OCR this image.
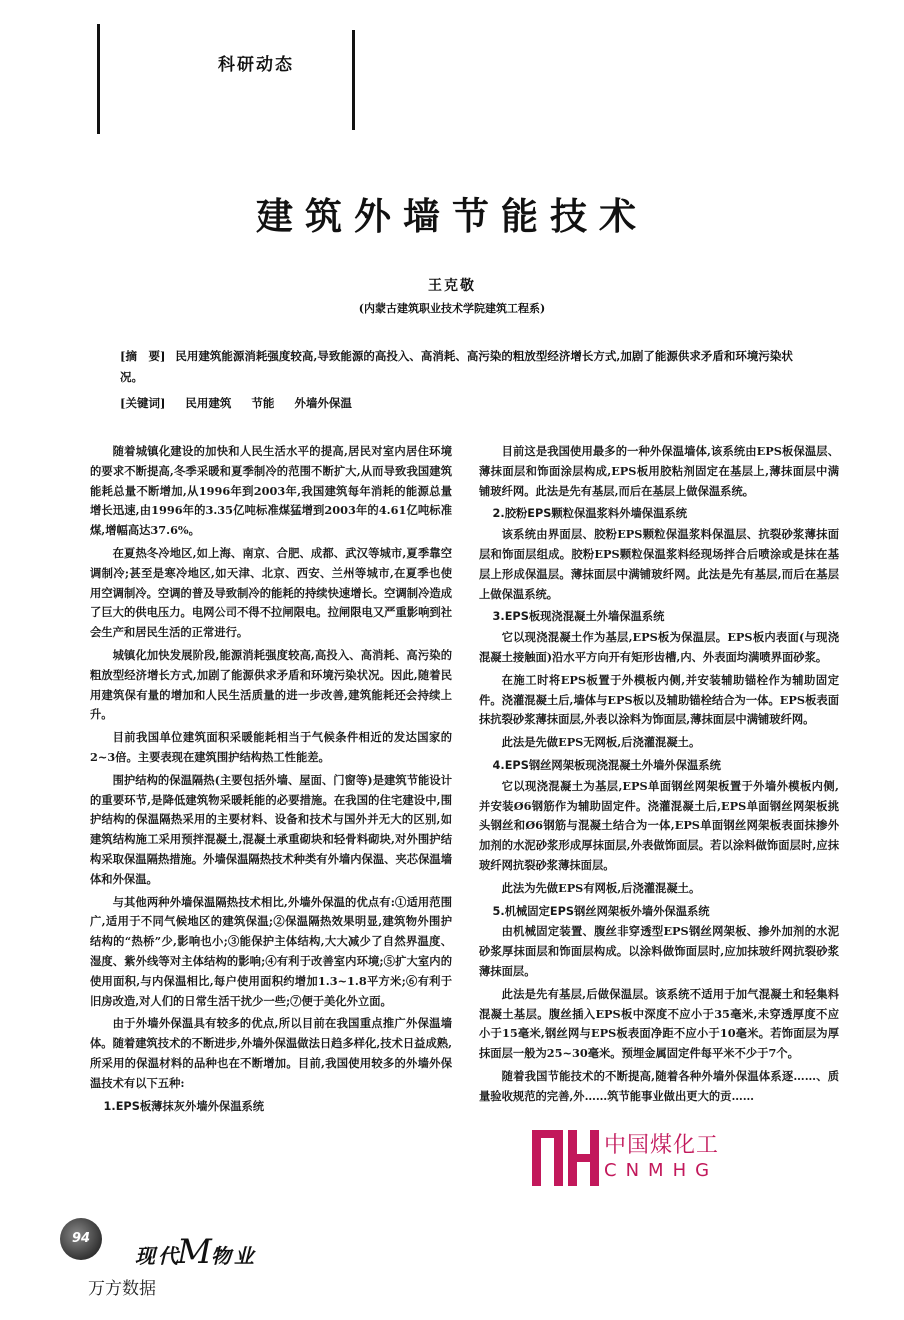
科研动态
建筑外墙节能技术
王克敬
(内蒙古建筑职业技术学院建筑工程系)
[摘　要] 民用建筑能源消耗强度较高,导致能源的高投入、高消耗、高污染的粗放型经济增长方式,加剧了能源供求矛盾和环境污染状况。
[关键词] 民用建筑 节能 外墙外保温

随着城镇化建设的加快和人民生活水平的提高,居民对室内居住环境的要求不断提高,冬季采暖和夏季制冷的范围不断扩大,从而导致我国建筑能耗总量不断增加,从1996年到2003年,我国建筑每年消耗的能源总量增长迅速,由1996年的3.35亿吨标准煤猛增到2003年的4.61亿吨标准煤,增幅高达37.6%。

在夏热冬冷地区,如上海、南京、合肥、成都、武汉等城市,夏季靠空调制冷;甚至是寒冷地区,如天津、北京、西安、兰州等城市,在夏季也使用空调制冷。空调的普及导致制冷的能耗的持续快速增长。空调制冷造成了巨大的供电压力。电网公司不得不拉闸限电。拉闸限电又严重影响到社会生产和居民生活的正常进行。

城镇化加快发展阶段,能源消耗强度较高,高投入、高消耗、高污染的粗放型经济增长方式,加剧了能源供求矛盾和环境污染状况。因此,随着民用建筑保有量的增加和人民生活质量的进一步改善,建筑能耗还会持续上升。

目前我国单位建筑面积采暖能耗相当于气候条件相近的发达国家的2~3倍。主要表现在建筑围护结构热工性能差。

围护结构的保温隔热(主要包括外墙、屋面、门窗等)是建筑节能设计的重要环节,是降低建筑物采暖耗能的必要措施。在我国的住宅建设中,围护结构的保温隔热采用的主要材料、设备和技术与国外并无大的区别,如建筑结构施工采用预拌混凝土,混凝土承重砌块和轻骨料砌块,对外围护结构采取保温隔热措施。外墙保温隔热技术种类有外墙内保温、夹芯保温墙体和外保温。

与其他两种外墙保温隔热技术相比,外墙外保温的优点有:①适用范围广,适用于不同气候地区的建筑保温;②保温隔热效果明显,建筑物外围护结构的“热桥”少,影响也小;③能保护主体结构,大大减少了自然界温度、湿度、紫外线等对主体结构的影响;④有利于改善室内环境;⑤扩大室内的使用面积,与内保温相比,每户使用面积约增加1.3~1.8平方米;⑥有利于旧房改造,对人们的日常生活干扰少一些;⑦便于美化外立面。

由于外墙外保温具有较多的优点,所以目前在我国重点推广外保温墙体。随着建筑技术的不断进步,外墙外保温做法日趋多样化,技术日益成熟,所采用的保温材料的品种也在不断增加。目前,我国使用较多的外墙外保温技术有以下五种:

1.EPS板薄抹灰外墙外保温系统

目前这是我国使用最多的一种外保温墙体,该系统由EPS板保温层、薄抹面层和饰面涂层构成,EPS板用胶粘剂固定在基层上,薄抹面层中满铺玻纤网。此法是先有基层,而后在基层上做保温系统。

2.胶粉EPS颗粒保温浆料外墙保温系统

该系统由界面层、胶粉EPS颗粒保温浆料保温层、抗裂砂浆薄抹面层和饰面层组成。胶粉EPS颗粒保温浆料经现场拌合后喷涂或是抹在基层上形成保温层。薄抹面层中满铺玻纤网。此法是先有基层,而后在基层上做保温系统。

3.EPS板现浇混凝土外墙保温系统

它以现浇混凝土作为基层,EPS板为保温层。EPS板内表面(与现浇混凝土接触面)沿水平方向开有矩形齿槽,内、外表面均满喷界面砂浆。

在施工时将EPS板置于外模板内侧,并安装辅助锚栓作为辅助固定件。浇灌混凝土后,墙体与EPS板以及辅助锚栓结合为一体。EPS板表面抹抗裂砂浆薄抹面层,外表以涂料为饰面层,薄抹面层中满铺玻纤网。

此法是先做EPS无网板,后浇灌混凝土。

4.EPS钢丝网架板现浇混凝土外墙外保温系统

它以现浇混凝土为基层,EPS单面钢丝网架板置于外墙外模板内侧,并安装Ø6钢筋作为辅助固定件。浇灌混凝土后,EPS单面钢丝网架板挑头钢丝和Ø6钢筋与混凝土结合为一体,EPS单面钢丝网架板表面抹掺外加剂的水泥砂浆形成厚抹面层,外表做饰面层。若以涂料做饰面层时,应抹玻纤网抗裂砂浆薄抹面层。

此法为先做EPS有网板,后浇灌混凝土。

5.机械固定EPS钢丝网架板外墙外保温系统

由机械固定装置、腹丝非穿透型EPS钢丝网架板、掺外加剂的水泥砂浆厚抹面层和饰面层构成。以涂料做饰面层时,应加抹玻纤网抗裂砂浆薄抹面层。

此法是先有基层,后做保温层。该系统不适用于加气混凝土和轻集料混凝土基层。腹丝插入EPS板中深度不应小于35毫米,未穿透厚度不应小于15毫米,钢丝网与EPS板表面净距不应小于10毫米。若饰面层为厚抹面层一般为25~30毫米。预埋金属固定件每平米不少于7个。

随着我国节能技术的不断提高,随着各种外墙外保温体系逐……、质量验收规范的完善,外……筑节能事业做出更大的贡……

中国煤化工
CNMHG
94
现代M物业
万方数据
